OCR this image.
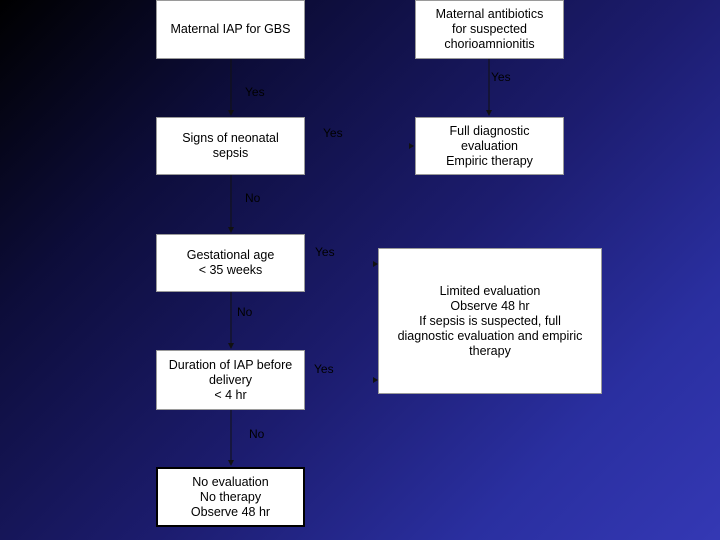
Maternal IAP for GBS
Maternal antibiotics
for suspected
chorioamnionitis
Signs of neonatal
sepsis
Full diagnostic
evaluation
Empiric therapy
Gestational age
< 35 weeks
Limited evaluation
Observe 48 hr
If sepsis is suspected, full
diagnostic evaluation and empiric
therapy
Duration of IAP before
delivery
< 4 hr
No evaluation
No therapy
Observe 48 hr
Yes
Yes
Yes
No
Yes
No
Yes
No
